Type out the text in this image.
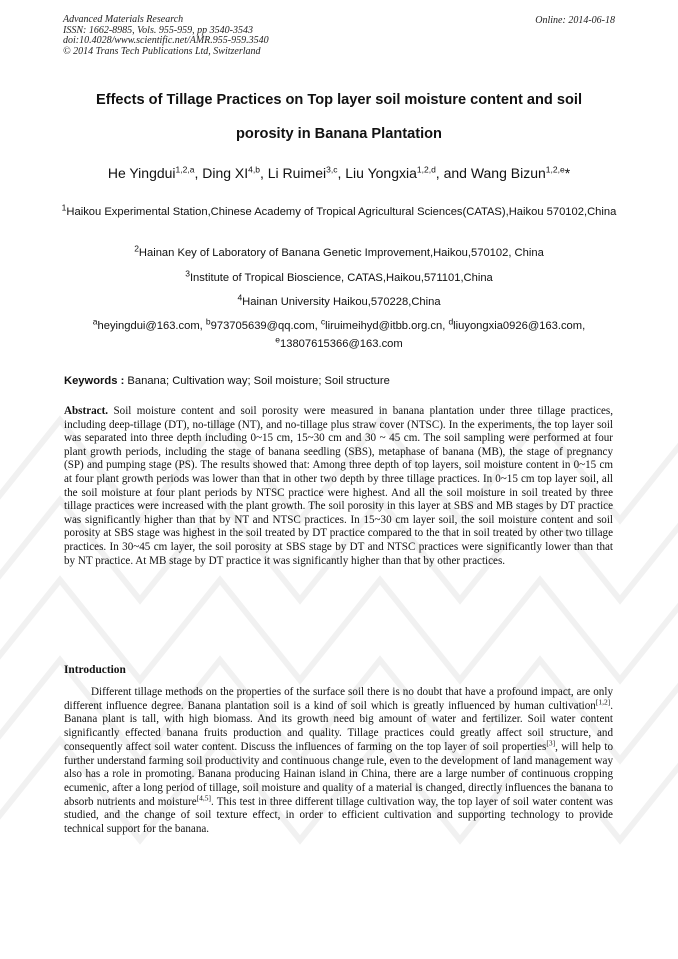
Advanced Materials Research
ISSN: 1662-8985, Vols. 955-959, pp 3540-3543
doi:10.4028/www.scientific.net/AMR.955-959.3540
© 2014 Trans Tech Publications Ltd, Switzerland
Online: 2014-06-18
Effects of Tillage Practices on Top layer soil moisture content and soil
porosity in Banana Plantation
He Yingdui$^{1,2,a}$, Ding XI$^{4,b}$, Li Ruimei$^{3,c}$, Liu Yongxia$^{1,2,d}$, and Wang Bizun$^{1,2,e}$*
$^1$Haikou Experimental Station,Chinese Academy of Tropical Agricultural Sciences(CATAS),Haikou 570102,China
$^2$Hainan Key of Laboratory of Banana Genetic Improvement,Haikou,570102, China
$^3$Institute of Tropical Bioscience, CATAS,Haikou,571101,China
$^4$Hainan University Haikou,570228,China
$^a$heyingdui@163.com, $^b$973705639@qq.com, $^c$liruimeihyd@itbb.org.cn, $^d$liuyongxia0926@163.com,
$^e$13807615366@163.com
Keywords : Banana; Cultivation way; Soil moisture; Soil structure
Abstract. Soil moisture content and soil porosity were measured in banana plantation under three tillage practices, including deep-tillage (DT), no-tillage (NT), and no-tillage plus straw cover (NTSC). In the experiments, the top layer soil was separated into three depth including 0~15 cm, 15~30 cm and 30 ~ 45 cm. The soil sampling were performed at four plant growth periods, including the stage of banana seedling (SBS), metaphase of banana (MB), the stage of pregnancy (SP) and pumping stage (PS). The results showed that: Among three depth of top layers, soil moisture content in 0~15 cm at four plant growth periods was lower than that in other two depth by three tillage practices. In 0~15 cm top layer soil, all the soil moisture at four plant periods by NTSC practice were highest. And all the soil moisture in soil treated by three tillage practices were increased with the plant growth. The soil porosity in this layer at SBS and MB stages by DT practice was significantly higher than that by NT and NTSC practices. In 15~30 cm layer soil, the soil moisture content and soil porosity at SBS stage was highest in the soil treated by DT practice compared to the that in soil treated by other two tillage practices. In 30~45 cm layer, the soil porosity at SBS stage by DT and NTSC practices were significantly lower than that by NT practice. At MB stage by DT practice it was significantly higher than that by other practices.
Introduction

Different tillage methods on the properties of the surface soil there is no doubt that have a profound impact, are only different influence degree. Banana plantation soil is a kind of soil which is greatly influenced by human cultivation[1,2]. Banana plant is tall, with high biomass. And its growth need big amount of water and fertilizer. Soil water content significantly effected banana fruits production and quality. Tillage practices could greatly affect soil structure, and consequently affect soil water content. Discuss the influences of farming on the top layer of soil properties[3], will help to further understand farming soil productivity and continuous change rule, even to the development of land management way also has a role in promoting. Banana producing Hainan island in China, there are a large number of continuous cropping ecumenic, after a long period of tillage, soil moisture and quality of a material is changed, directly influences the banana to absorb nutrients and moisture[4,5]. This test in three different tillage cultivation way, the top layer of soil water content was studied, and the change of soil texture effect, in order to efficient cultivation and supporting technology to provide technical support for the banana.
